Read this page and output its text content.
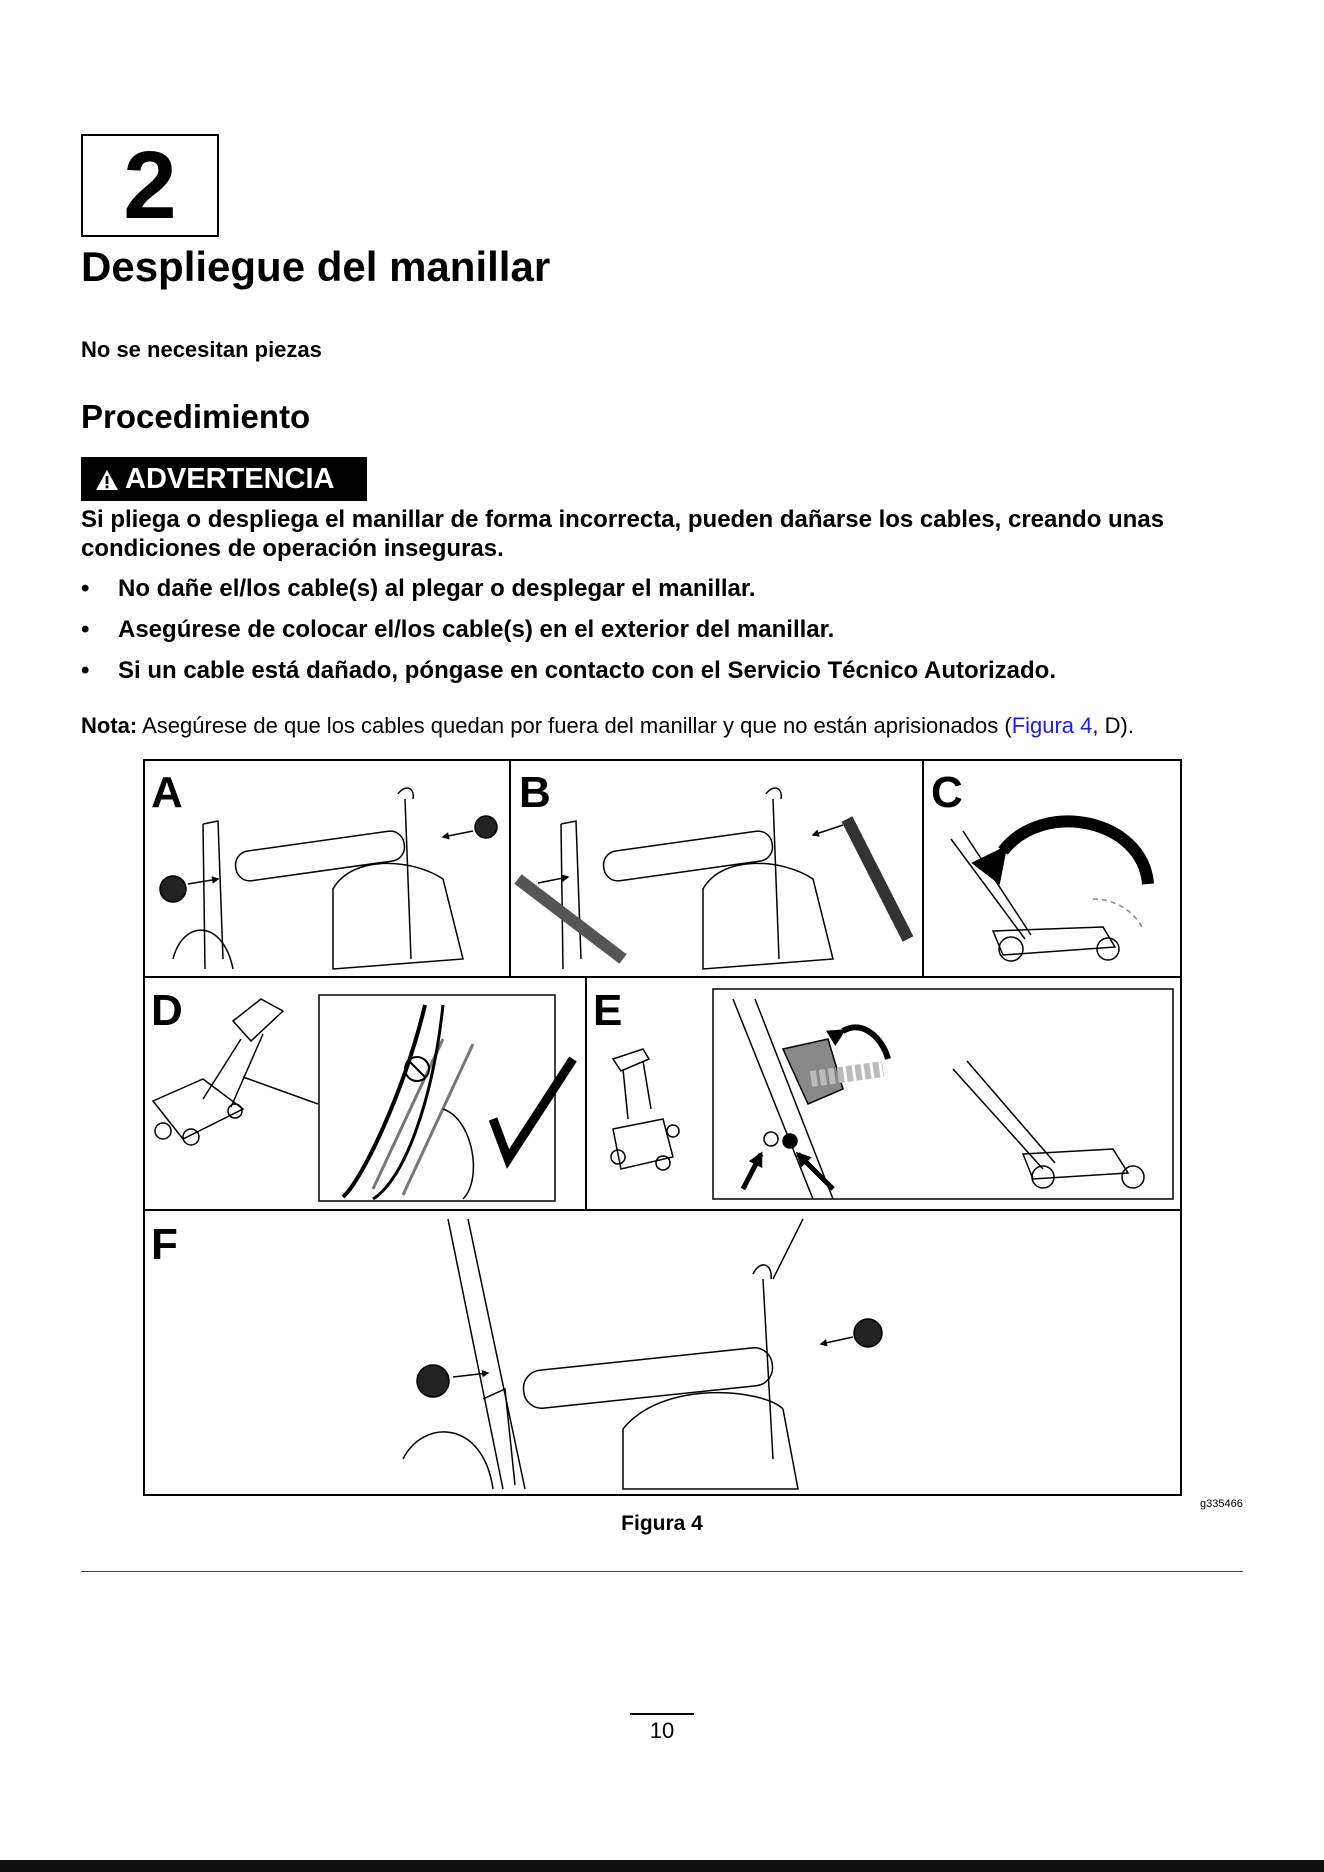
2
Despliegue del manillar
No se necesitan piezas
Procedimiento
ADVERTENCIA
Si pliega o despliega el manillar de forma incorrecta, pueden dañarse los cables, creando unas condiciones de operación inseguras.
• No dañe el/los cable(s) al plegar o desplegar el manillar.
• Asegúrese de colocar el/los cable(s) en el exterior del manillar.
• Si un cable está dañado, póngase en contacto con el Servicio Técnico Autorizado.
Nota: Asegúrese de que los cables quedan por fuera del manillar y que no están aprisionados (Figura 4, D).
A	B	C
D	E
F
g335466
Figura 4
10
